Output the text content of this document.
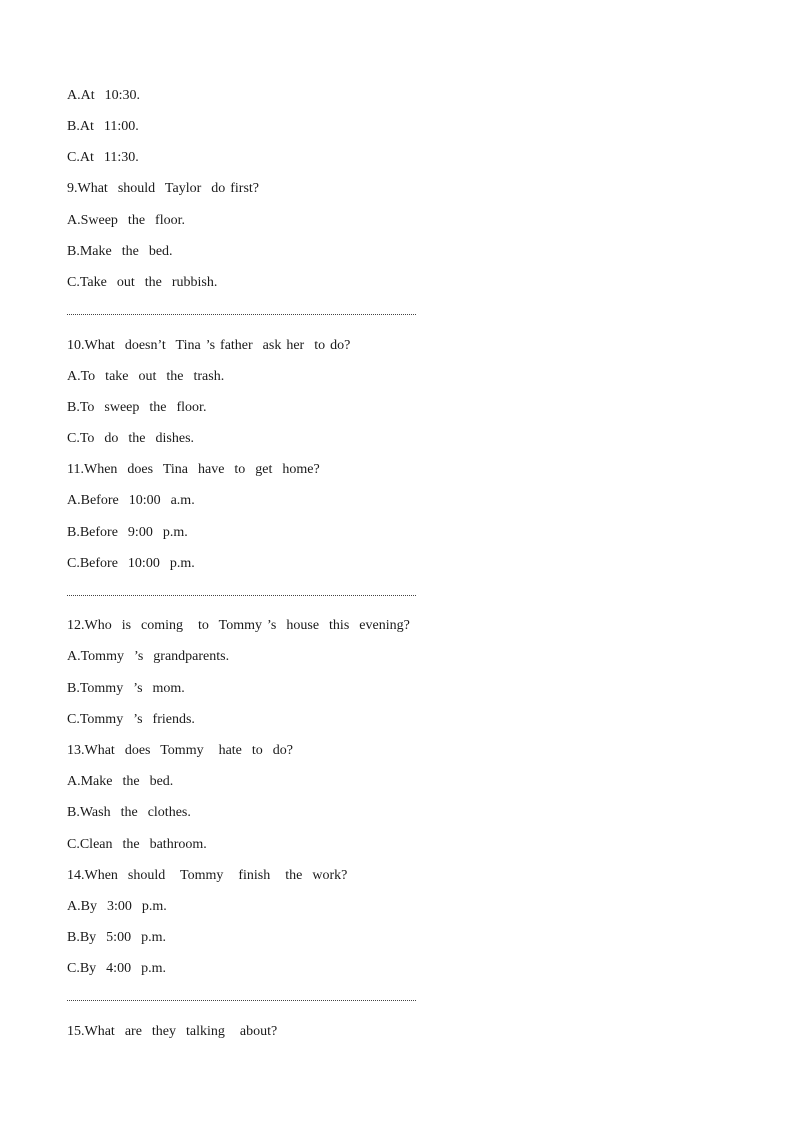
A.At  10:30.
B.At  11:00.
C.At  11:30.
9.What  should  Taylor  do first?
A.Sweep  the  floor.
B.Make  the  bed.
C.Take  out  the  rubbish.
10.What  doesn’t  Tina ’s father  ask her  to do?
A.To  take  out  the  trash.
B.To  sweep  the  floor.
C.To  do  the  dishes.
11.When  does  Tina  have  to  get  home?
A.Before  10:00  a.m.
B.Before  9:00  p.m.
C.Before  10:00  p.m.
12.Who  is  coming   to  Tommy ’s  house  this  evening?
A.Tommy  ’s  grandparents.
B.Tommy  ’s  mom.
C.Tommy  ’s  friends.
13.What  does  Tommy   hate  to  do?
A.Make  the  bed.
B.Wash  the  clothes.
C.Clean  the  bathroom.
14.When  should   Tommy   finish   the  work?
A.By  3:00  p.m.
B.By  5:00  p.m.
C.By  4:00  p.m.
15.What  are  they  talking   about?
